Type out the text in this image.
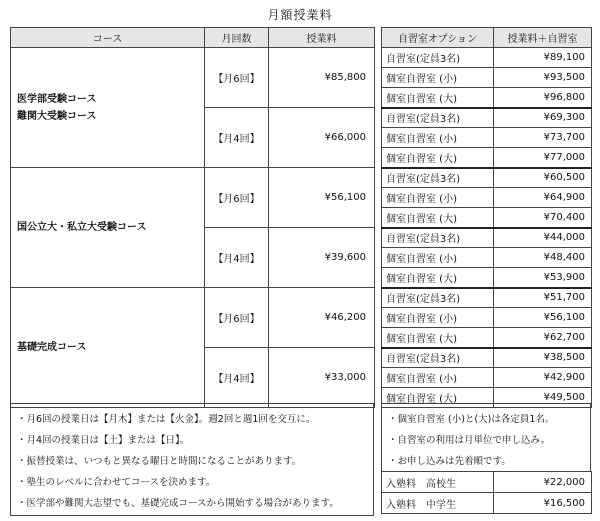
月額授業料
コース	月回数	授業料

医学部受験コース
難関大受験コース	【月6回】	¥85,800
	【月4回】	¥66,000

国公立大・私立大受験コース	【月6回】	¥56,100
	【月4回】	¥39,600

基礎完成コース	【月6回】	¥46,200
	【月4回】	¥33,000
自習室オプション	授業料＋自習室
自習室(定員3名)	¥89,100
個室自習室 (小)	¥93,500
個室自習室 (大)	¥96,800
自習室(定員3名)	¥69,300
個室自習室 (小)	¥73,700
個室自習室 (大)	¥77,000
自習室(定員3名)	¥60,500
個室自習室 (小)	¥64,900
個室自習室 (大)	¥70,400
自習室(定員3名)	¥44,000
個室自習室 (小)	¥48,400
個室自習室 (大)	¥53,900
自習室(定員3名)	¥51,700
個室自習室 (小)	¥56,100
個室自習室 (大)	¥62,700
自習室(定員3名)	¥38,500
個室自習室 (小)	¥42,900
個室自習室 (大)	¥49,500
・月6回の授業日は【月木】または【火金】。週2回と週1回を交互に。
・月4回の授業日は【土】または【日】。
・振替授業は、いつもと異なる曜日と時間になることがあります。
・塾生のレベルに合わせてコースを決めます。
・医学部や難関大志望でも、基礎完成コースから開始する場合があります。
・個室自習室 (小)と(大)は各定員1名。
・自習室の利用は月単位で申し込み。
・お申し込みは先着順です。
入塾料　高校生	¥22,000
入塾料　中学生	¥16,500
